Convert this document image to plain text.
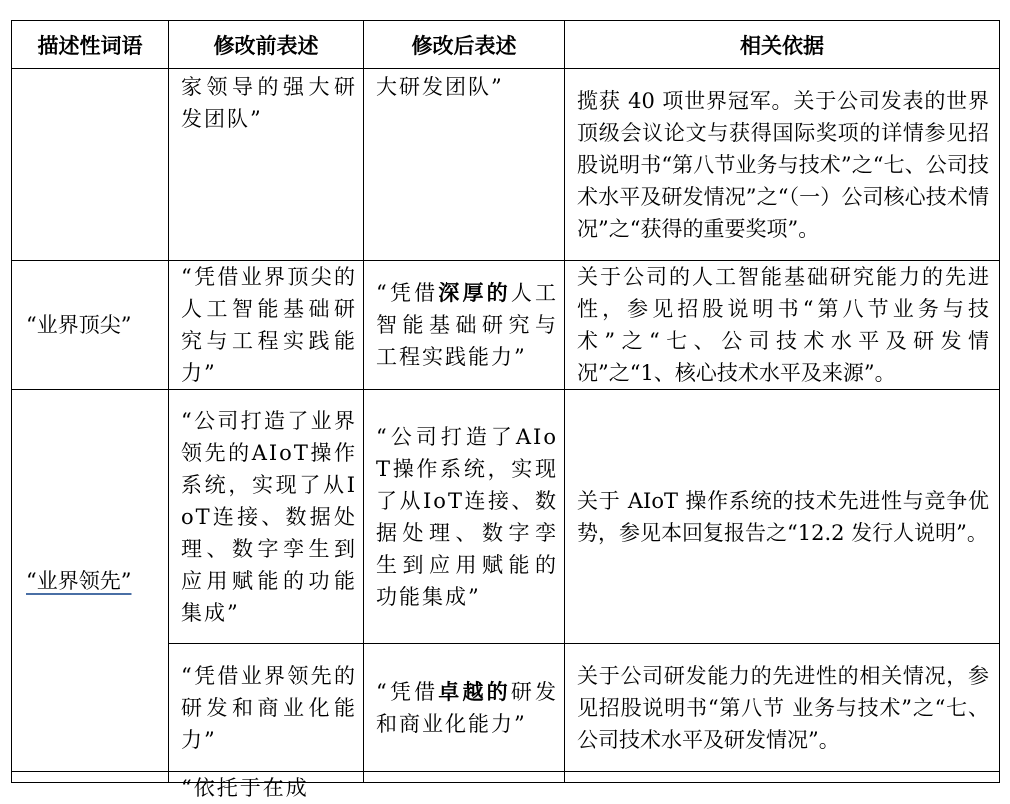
描述性词语	修改前表述	修改后表述	相关依据
	家领导的强大研发团队”	大研发团队”	揽获 40 项世界冠军。关于公司发表的世界顶级会议论文与获得国际奖项的详情参见招股说明书“第八节业务与技术”之“七、公司技术水平及研发情况”之“（一）公司核心技术情况”之“获得的重要奖项”。
“业界顶尖”	“凭借业界顶尖的人工智能基础研究与工程实践能力”	“凭借深厚的人工智能基础研究与工程实践能力”	关于公司的人工智能基础研究能力的先进性，参见招股说明书“第八节业务与技术”之“七、公司技术水平及研发情况”之“1、核心技术水平及来源”。
“业界领先”	“公司打造了业界领先的AIoT操作系统，实现了从IoT连接、数据处理、数字孪生到应用赋能的功能集成”	“公司打造了AIoT操作系统，实现了从IoT连接、数据处理、数字孪生到应用赋能的功能集成”	关于 AIoT 操作系统的技术先进性与竞争优势，参见本回复报告之“12.2 发行人说明”。
	“凭借业界领先的研发和商业化能力”	“凭借卓越的研发和商业化能力”	关于公司研发能力的先进性的相关情况，参见招股说明书“第八节 业务与技术”之“七、公司技术水平及研发情况”。

	“依托于在成		
